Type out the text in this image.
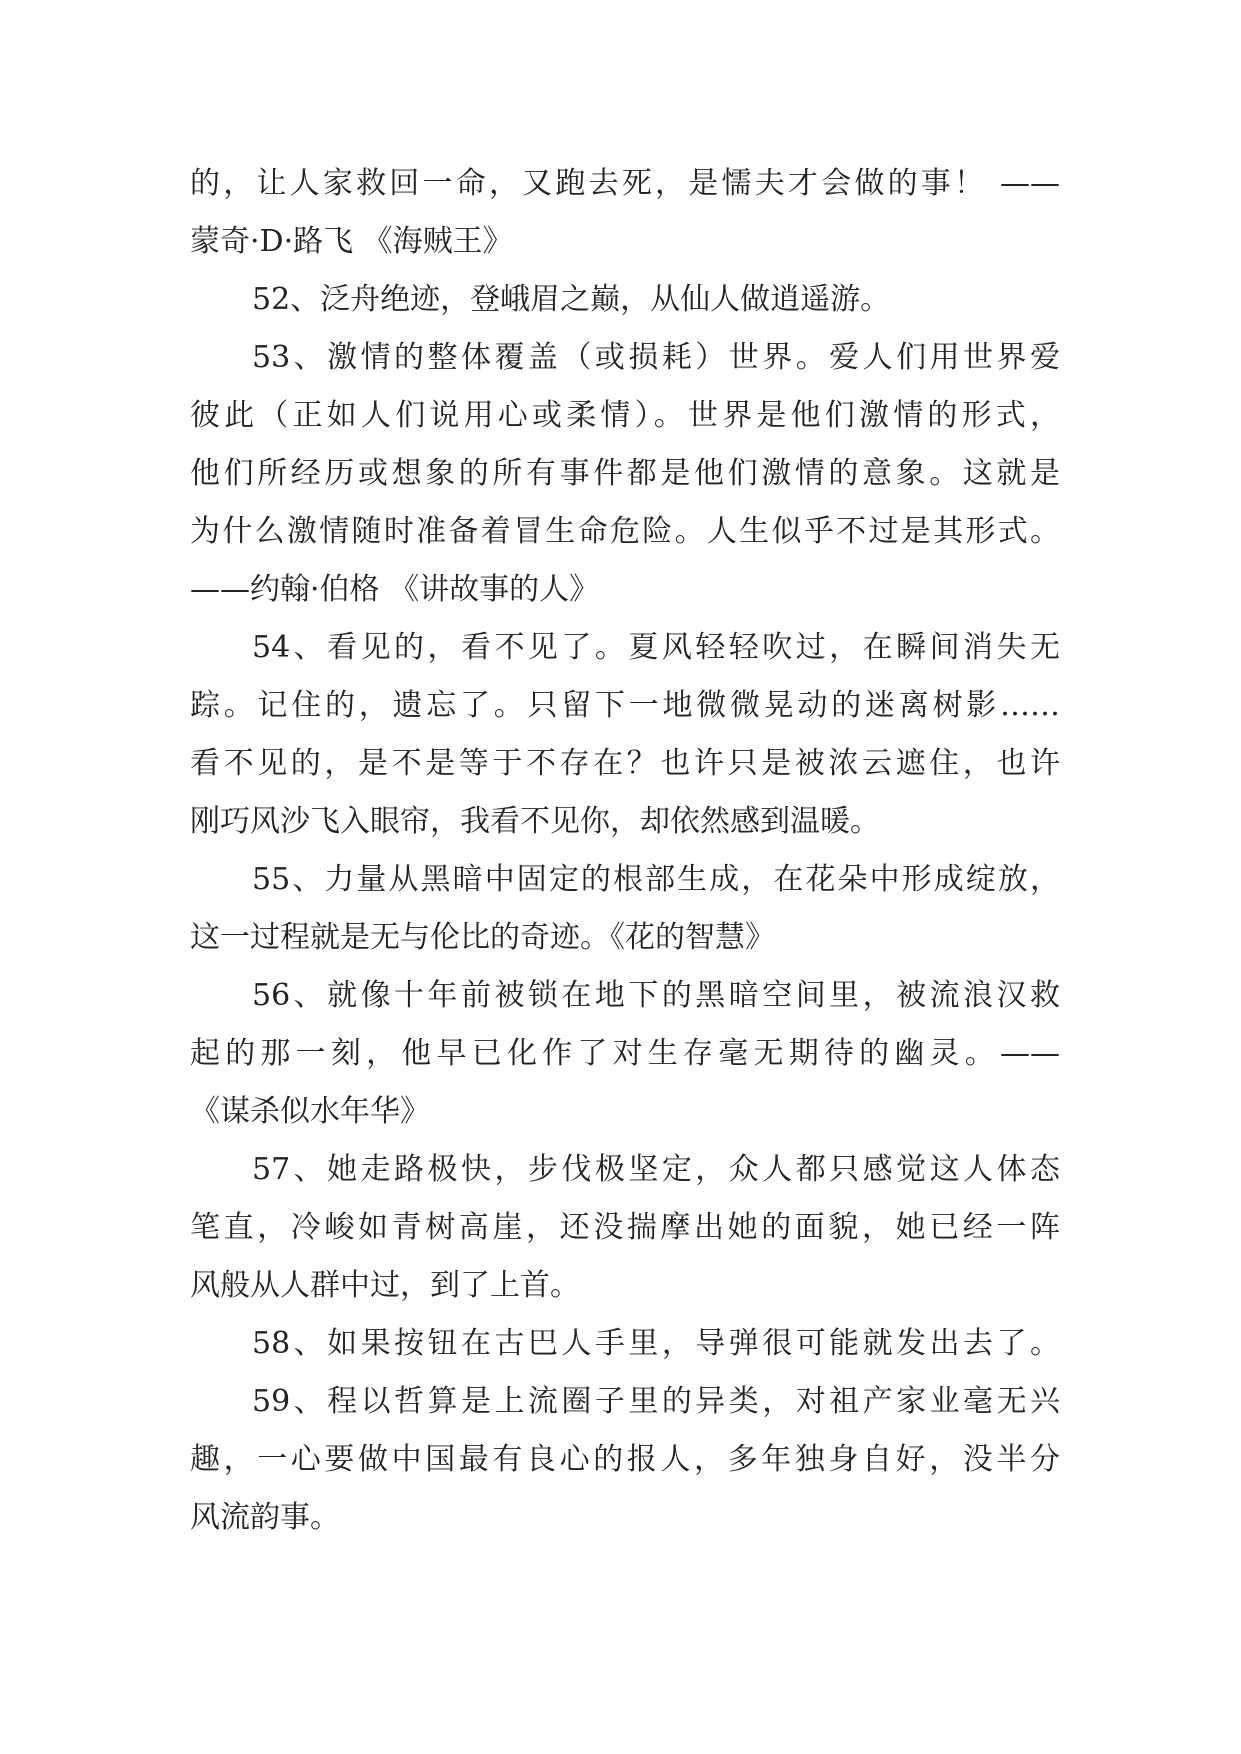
的，让人家救回一命，又跑去死，是懦夫才会做的事！ ——
蒙奇·D·路飞 《海贼王》
52、泛舟绝迹，登峨眉之巅，从仙人做逍遥游。
53、激情的整体覆盖（或损耗）世界。爱人们用世界爱
彼此（正如人们说用心或柔情）。世界是他们激情的形式，
他们所经历或想象的所有事件都是他们激情的意象。这就是
为什么激情随时准备着冒生命危险。人生似乎不过是其形式。
——约翰·伯格 《讲故事的人》
54、看见的，看不见了。夏风轻轻吹过，在瞬间消失无
踪。记住的，遗忘了。只留下一地微微晃动的迷离树影……
看不见的，是不是等于不存在？也许只是被浓云遮住，也许
刚巧风沙飞入眼帘，我看不见你，却依然感到温暖。
55、力量从黑暗中固定的根部生成，在花朵中形成绽放，
这一过程就是无与伦比的奇迹。《花的智慧》
56、就像十年前被锁在地下的黑暗空间里，被流浪汉救
起的那一刻，他早已化作了对生存毫无期待的幽灵。——
《谋杀似水年华》
57、她走路极快，步伐极坚定，众人都只感觉这人体态
笔直，冷峻如青树高崖，还没揣摩出她的面貌，她已经一阵
风般从人群中过，到了上首。
58、如果按钮在古巴人手里，导弹很可能就发出去了。
59、程以哲算是上流圈子里的异类，对祖产家业毫无兴
趣，一心要做中国最有良心的报人，多年独身自好，没半分
风流韵事。
